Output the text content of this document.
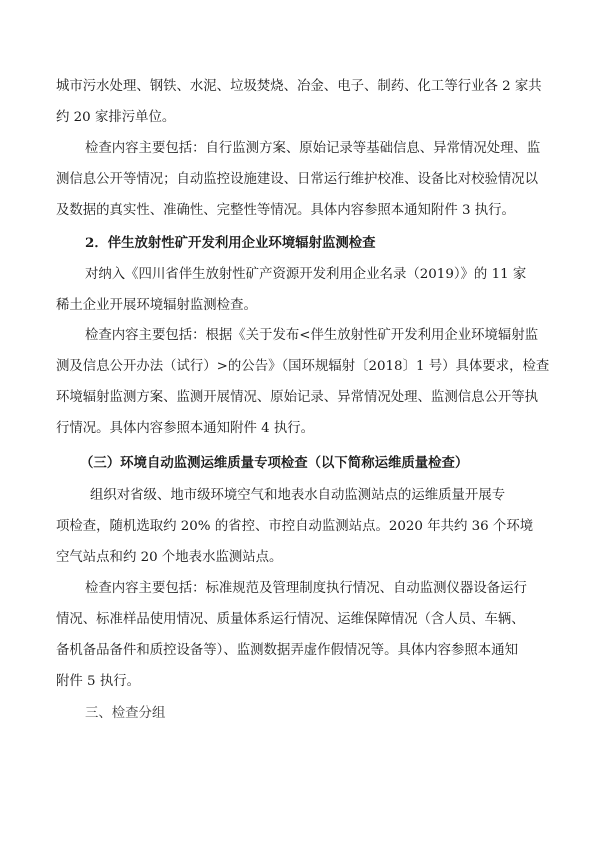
城市污水处理、钢铁、水泥、垃圾焚烧、冶金、电子、制药、化工等行业各 2 家共
约 20 家排污单位。
检查内容主要包括：自行监测方案、原始记录等基础信息、异常情况处理、监
测信息公开等情况；自动监控设施建设、日常运行维护校准、设备比对校验情况以
及数据的真实性、准确性、完整性等情况。具体内容参照本通知附件 3 执行。
2．伴生放射性矿开发利用企业环境辐射监测检查
对纳入《四川省伴生放射性矿产资源开发利用企业名录（2019）》的 11 家
稀土企业开展环境辐射监测检查。
检查内容主要包括：根据《关于发布<伴生放射性矿开发利用企业环境辐射监
测及信息公开办法（试行）>的公告》（国环规辐射〔2018〕1 号）具体要求，检查
环境辐射监测方案、监测开展情况、原始记录、异常情况处理、监测信息公开等执
行情况。具体内容参照本通知附件 4 执行。
（三）环境自动监测运维质量专项检查（以下简称运维质量检查）
组织对省级、地市级环境空气和地表水自动监测站点的运维质量开展专
项检查，随机选取约 20% 的省控、市控自动监测站点。2020 年共约 36 个环境
空气站点和约 20 个地表水监测站点。
检查内容主要包括：标准规范及管理制度执行情况、自动监测仪器设备运行
情况、标准样品使用情况、质量体系运行情况、运维保障情况（含人员、车辆、
备机备品备件和质控设备等）、监测数据弄虚作假情况等。具体内容参照本通知
附件 5 执行。
三、检查分组
